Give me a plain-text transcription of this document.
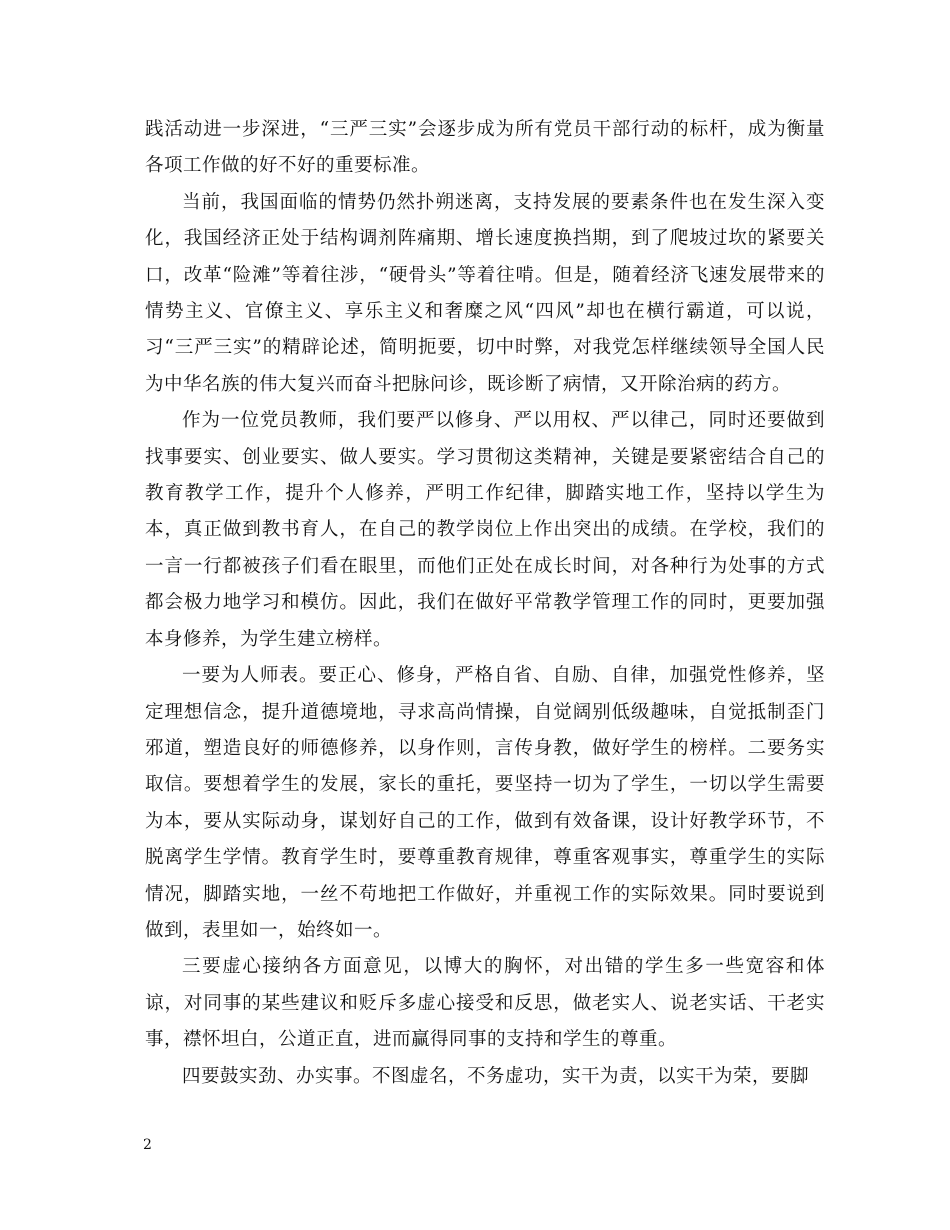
践活动进一步深进，“三严三实”会逐步成为所有党员干部行动的标杆，成为衡量各项工作做的好不好的重要标准。

当前，我国面临的情势仍然扑朔迷离，支持发展的要素条件也在发生深入变化，我国经济正处于结构调剂阵痛期、增长速度换挡期，到了爬坡过坎的紧要关口，改革“险滩”等着往涉，“硬骨头”等着往啃。但是，随着经济飞速发展带来的情势主义、官僚主义、享乐主义和奢糜之风“四风”却也在横行霸道，可以说，习“三严三实”的精辟论述，简明扼要，切中时弊，对我党怎样继续领导全国人民为中华名族的伟大复兴而奋斗把脉问诊，既诊断了病情，又开除治病的药方。

作为一位党员教师，我们要严以修身、严以用权、严以律己，同时还要做到找事要实、创业要实、做人要实。学习贯彻这类精神，关键是要紧密结合自己的教育教学工作，提升个人修养，严明工作纪律，脚踏实地工作，坚持以学生为本，真正做到教书育人，在自己的教学岗位上作出突出的成绩。在学校，我们的一言一行都被孩子们看在眼里，而他们正处在成长时间，对各种行为处事的方式都会极力地学习和模仿。因此，我们在做好平常教学管理工作的同时，更要加强本身修养，为学生建立榜样。

一要为人师表。要正心、修身，严格自省、自励、自律，加强党性修养，坚定理想信念，提升道德境地，寻求高尚情操，自觉阔别低级趣味，自觉抵制歪门邪道，塑造良好的师德修养，以身作则，言传身教，做好学生的榜样。二要务实取信。要想着学生的发展，家长的重托，要坚持一切为了学生，一切以学生需要为本，要从实际动身，谋划好自己的工作，做到有效备课，设计好教学环节，不脱离学生学情。教育学生时，要尊重教育规律，尊重客观事实，尊重学生的实际情况，脚踏实地，一丝不苟地把工作做好，并重视工作的实际效果。同时要说到做到，表里如一，始终如一。

三要虚心接纳各方面意见，以博大的胸怀，对出错的学生多一些宽容和体谅，对同事的某些建议和贬斥多虚心接受和反思，做老实人、说老实话、干老实事，襟怀坦白，公道正直，进而赢得同事的支持和学生的尊重。

四要鼓实劲、办实事。不图虚名，不务虚功，实干为责，以实干为荣，要脚

2
